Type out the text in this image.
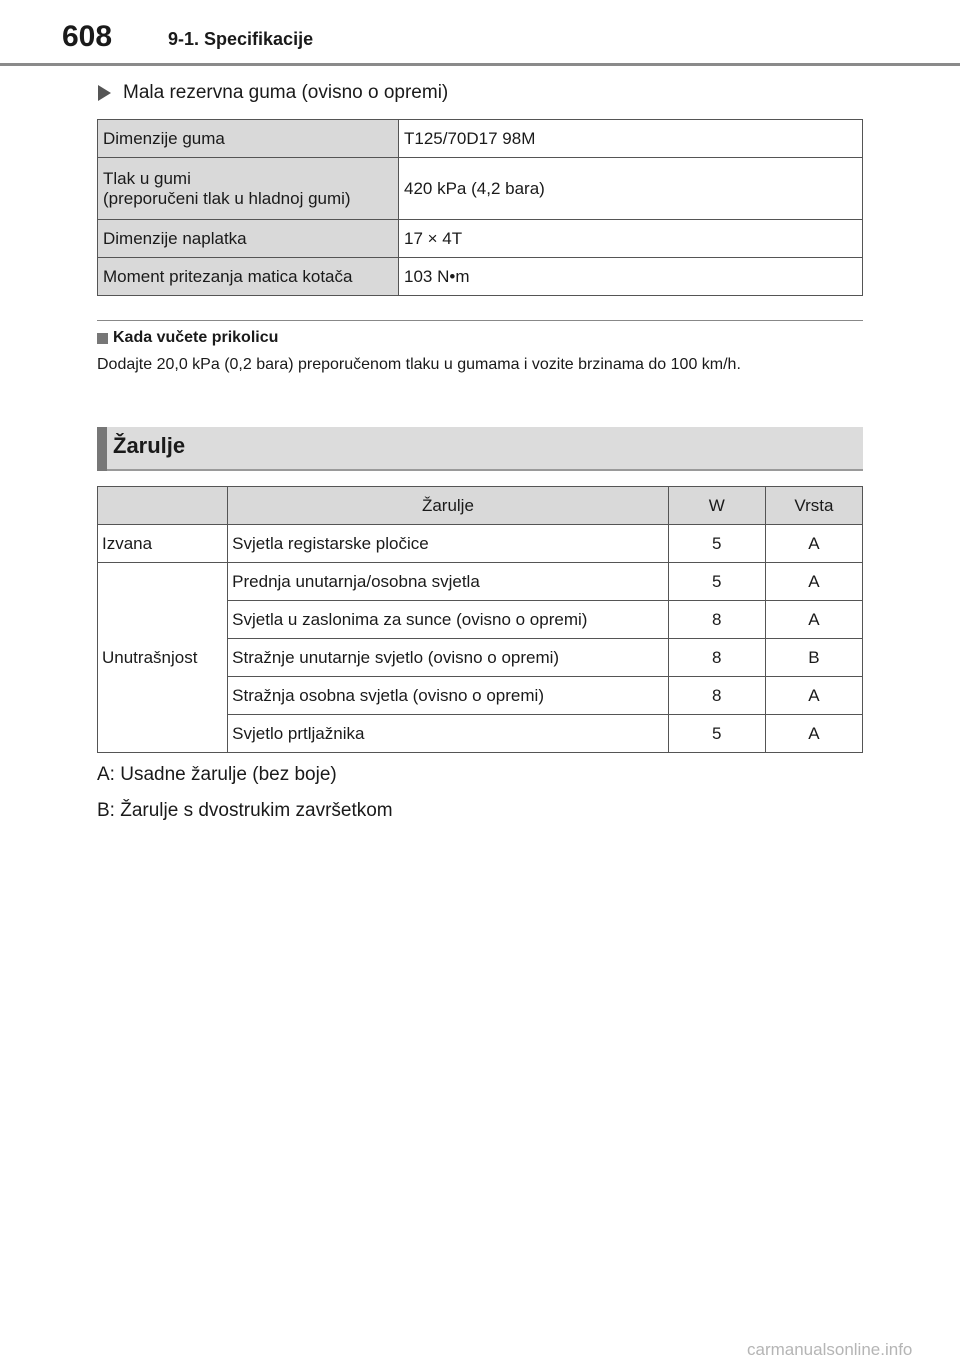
608	9-1. Specifikacije
Mala rezervna guma (ovisno o opremi)
Dimenzije guma	T125/70D17 98M

Tlak u gumi
(preporučeni tlak u hladnoj gumi)	420 kPa (4,2 bara)
Dimenzije naplatka	17 × 4T
Moment pritezanja matica kotača	103 N•m
Kada vučete prikolicu
Dodajte 20,0 kPa (0,2 bara) preporučenom tlaku u gumama i vozite brzinama do 100 km/h.
Žarulje
	Žarulje	W	Vrsta
Izvana	Svjetla registarske pločice	5	A
Unutrašnjost	Prednja unutarnja/osobna svjetla	5	A
	Svjetla u zaslonima za sunce (ovisno o opremi)	8	A
	Stražnje unutarnje svjetlo (ovisno o opremi)	8	B
	Stražnja osobna svjetla (ovisno o opremi)	8	A
	Svjetlo prtljažnika	5	A
A: Usadne žarulje (bez boje)
B: Žarulje s dvostrukim završetkom
carmanualsonline.info
